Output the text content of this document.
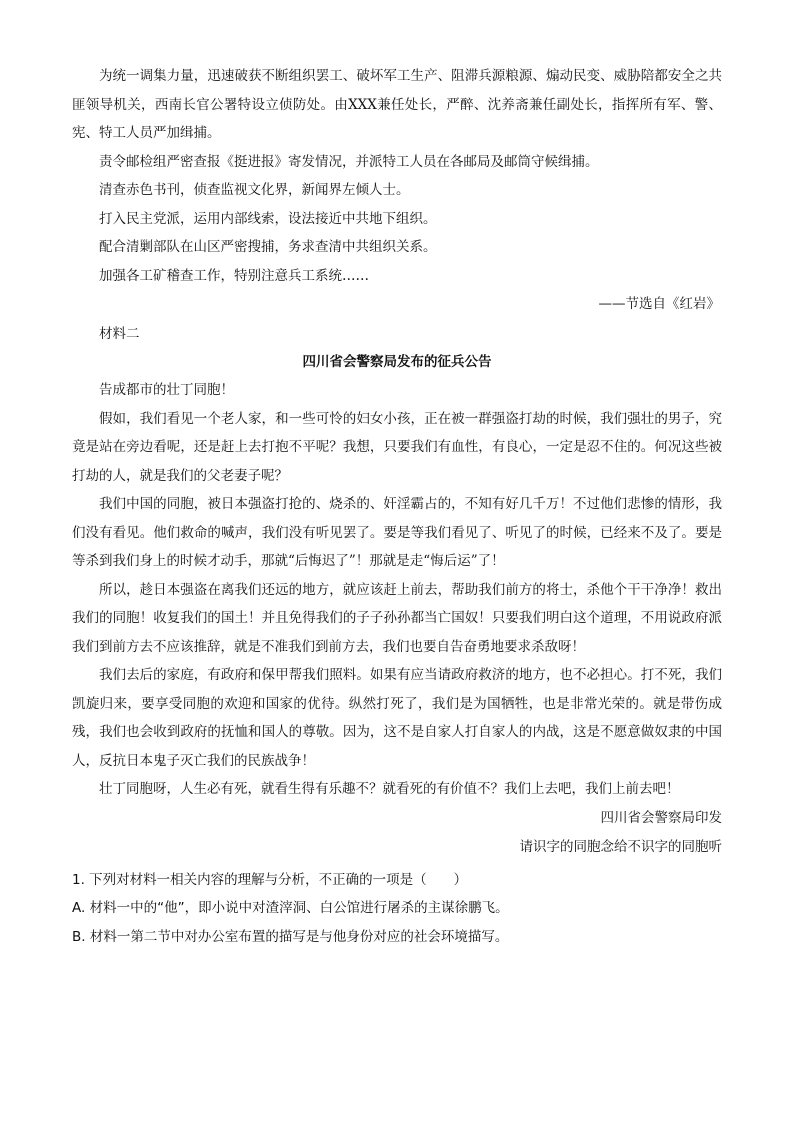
为统一调集力量，迅速破获不断组织罢工、破坏军工生产、阻滞兵源粮源、煽动民变、威胁陪都安全之共匪领导机关，西南长官公署特设立侦防处。由XXX兼任处长，严醉、沈养斋兼任副处长，指挥所有军、警、宪、特工人员严加缉捕。

责令邮检组严密查报《挺进报》寄发情况，并派特工人员在各邮局及邮筒守候缉捕。

清查赤色书刊，侦查监视文化界，新闻界左倾人士。

打入民主党派，运用内部线索，设法接近中共地下组织。

配合清剿部队在山区严密搜捕，务求查清中共组织关系。

加强各工矿稽查工作，特别注意兵工系统……

——节选自《红岩》

材料二

四川省会警察局发布的征兵公告

告成都市的壮丁同胞！

假如，我们看见一个老人家，和一些可怜的妇女小孩，正在被一群强盗打劫的时候，我们强壮的男子，究竟是站在旁边看呢，还是赶上去打抱不平呢？我想，只要我们有血性，有良心，一定是忍不住的。何况这些被打劫的人，就是我们的父老妻子呢？

我们中国的同胞，被日本强盗打抢的、烧杀的、奸淫霸占的，不知有好几千万！不过他们悲惨的情形，我们没有看见。他们救命的喊声，我们没有听见罢了。要是等我们看见了、听见了的时候，已经来不及了。要是等杀到我们身上的时候才动手，那就“后悔迟了”！那就是走“悔后运”了！

所以，趁日本强盗在离我们还远的地方，就应该赶上前去，帮助我们前方的将士，杀他个干干净净！救出我们的同胞！收复我们的国土！并且免得我们的子子孙孙都当亡国奴！只要我们明白这个道理，不用说政府派我们到前方去不应该推辞，就是不准我们到前方去，我们也要自告奋勇地要求杀敌呀！

我们去后的家庭，有政府和保甲帮我们照料。如果有应当请政府救济的地方，也不必担心。打不死，我们凯旋归来，要享受同胞的欢迎和国家的优待。纵然打死了，我们是为国牺牲，也是非常光荣的。就是带伤成残，我们也会收到政府的抚恤和国人的尊敬。因为，这不是自家人打自家人的内战，这是不愿意做奴隶的中国人，反抗日本鬼子灭亡我们的民族战争！

壮丁同胞呀，人生必有死，就看生得有乐趣不？就看死的有价值不？我们上去吧，我们上前去吧！

四川省会警察局印发

请识字的同胞念给不识字的同胞听

1. 下列对材料一相关内容的理解与分析，不正确的一项是（　　）

A. 材料一中的“他”，即小说中对渣滓洞、白公馆进行屠杀的主谋徐鹏飞。

B. 材料一第二节中对办公室布置的描写是与他身份对应的社会环境描写。
